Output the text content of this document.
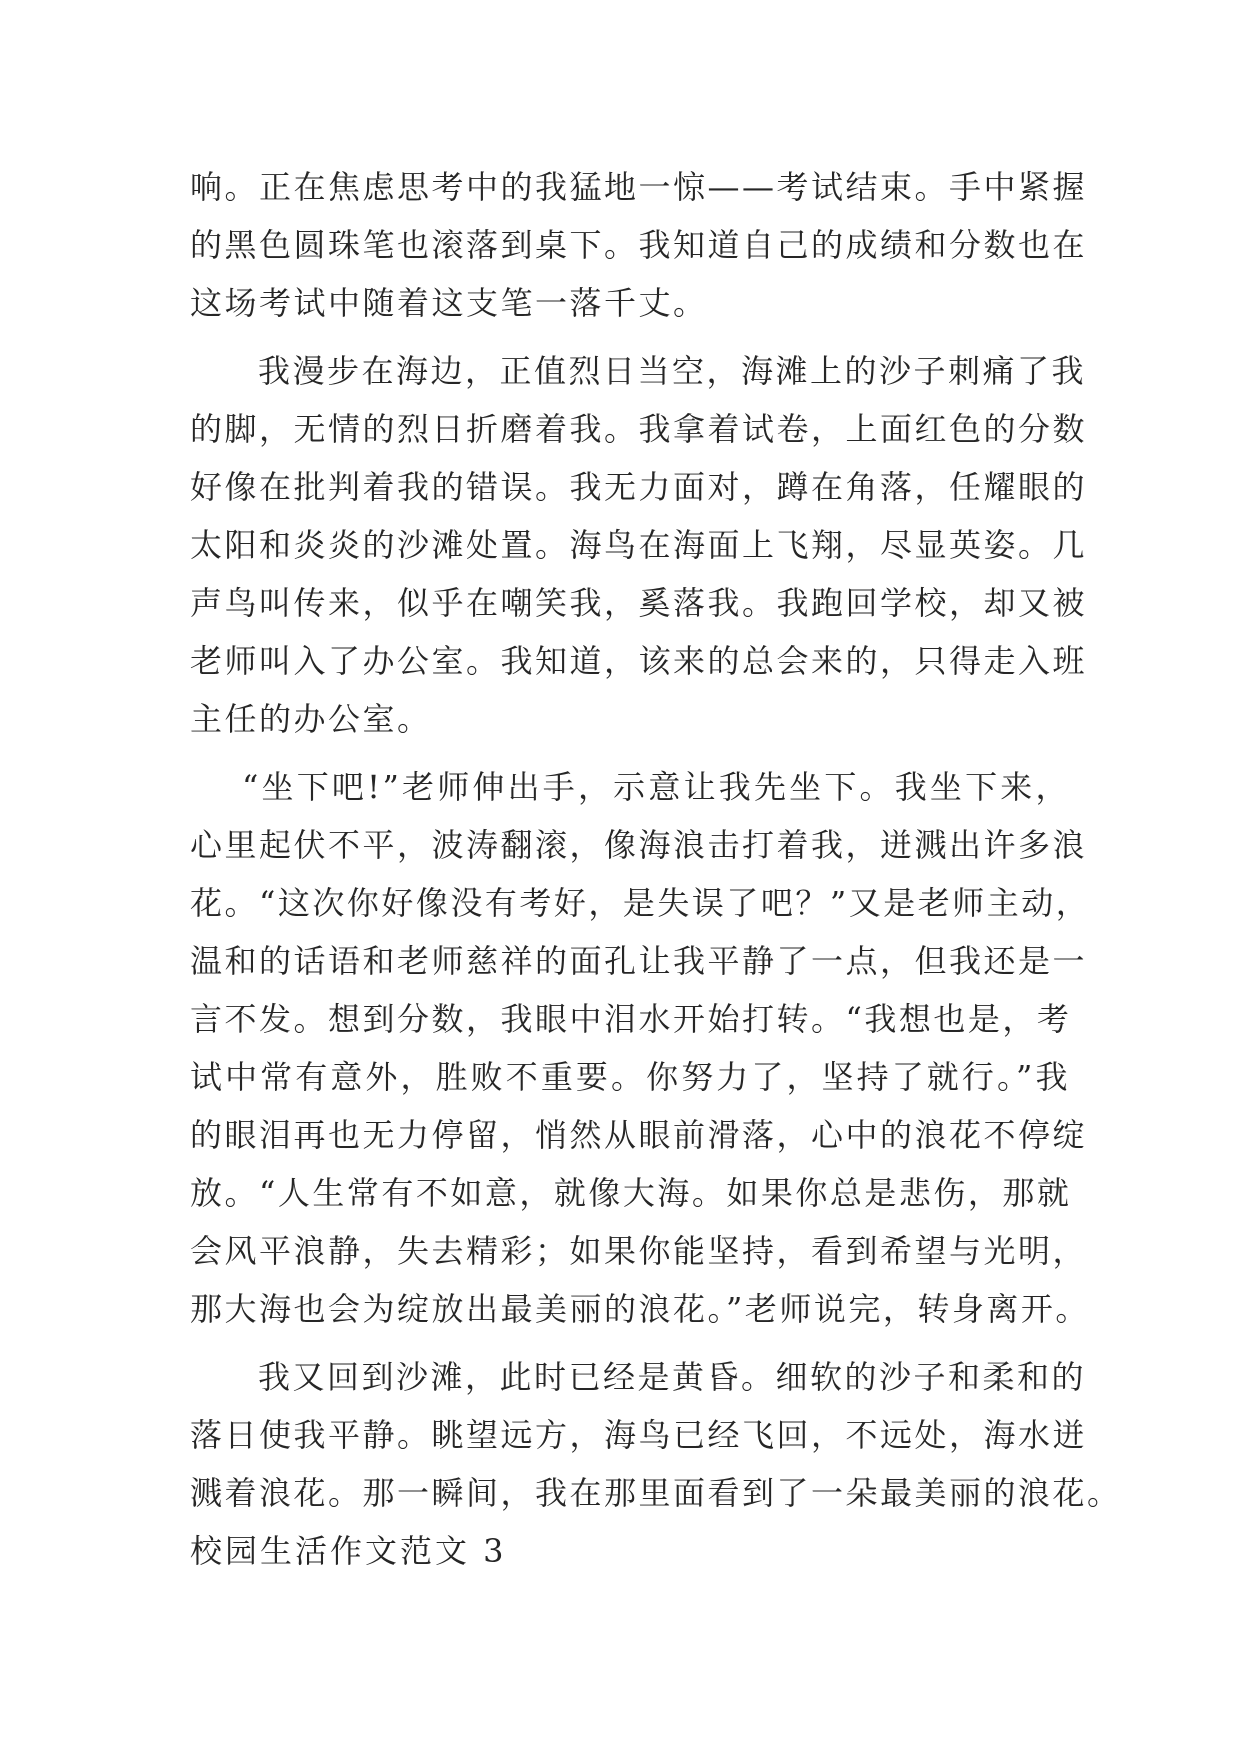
响。正在焦虑思考中的我猛地一惊——考试结束。手中紧握
的黑色圆珠笔也滚落到桌下。我知道自己的成绩和分数也在
这场考试中随着这支笔一落千丈。
我漫步在海边，正值烈日当空，海滩上的沙子刺痛了我
的脚，无情的烈日折磨着我。我拿着试卷，上面红色的分数
好像在批判着我的错误。我无力面对，蹲在角落，任耀眼的
太阳和炎炎的沙滩处置。海鸟在海面上飞翔，尽显英姿。几
声鸟叫传来，似乎在嘲笑我，奚落我。我跑回学校，却又被
老师叫入了办公室。我知道，该来的总会来的，只得走入班
主任的办公室。
“坐下吧!”老师伸出手，示意让我先坐下。我坐下来，
心里起伏不平，波涛翻滚，像海浪击打着我，迸溅出许多浪
花。“这次你好像没有考好，是失误了吧？”又是老师主动，
温和的话语和老师慈祥的面孔让我平静了一点，但我还是一
言不发。想到分数，我眼中泪水开始打转。“我想也是，考
试中常有意外，胜败不重要。你努力了，坚持了就行。”我
的眼泪再也无力停留，悄然从眼前滑落，心中的浪花不停绽
放。“人生常有不如意，就像大海。如果你总是悲伤，那就
会风平浪静，失去精彩；如果你能坚持，看到希望与光明，
那大海也会为绽放出最美丽的浪花。”老师说完，转身离开。
我又回到沙滩，此时已经是黄昏。细软的沙子和柔和的
落日使我平静。眺望远方，海鸟已经飞回，不远处，海水迸
溅着浪花。那一瞬间，我在那里面看到了一朵最美丽的浪花。
校园生活作文范文 3
